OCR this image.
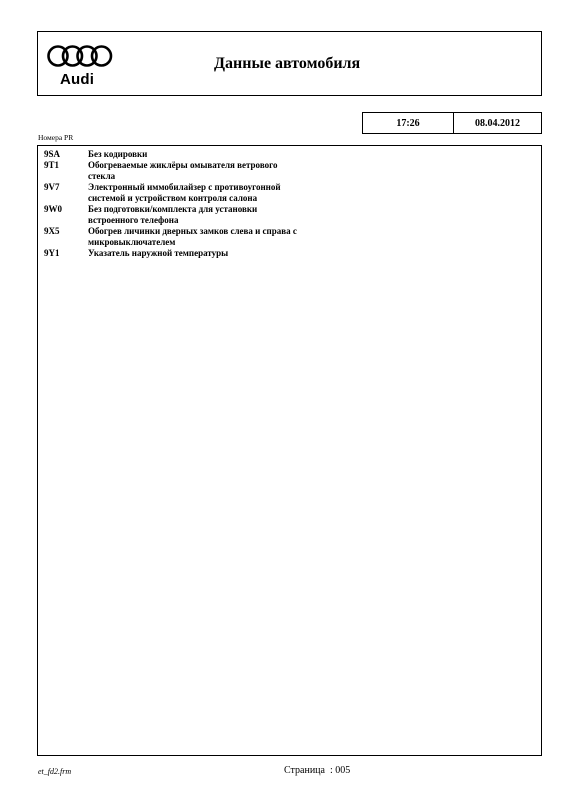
Audi
Данные автомобиля
17:26	08.04.2012
Номера PR
9SA	Без кодировки
9T1	Обогреваемые жиклёры омывателя ветрового стекла
9V7	Электронный иммобилайзер с противоугонной системой и устройством контроля салона
9W0	Без подготовки/комплекта для установки встроенного телефона
9X5	Обогрев личинки дверных замков слева и справа с микровыключателем
9Y1	Указатель наружной температуры
et_fd2.frm	Страница  : 005
